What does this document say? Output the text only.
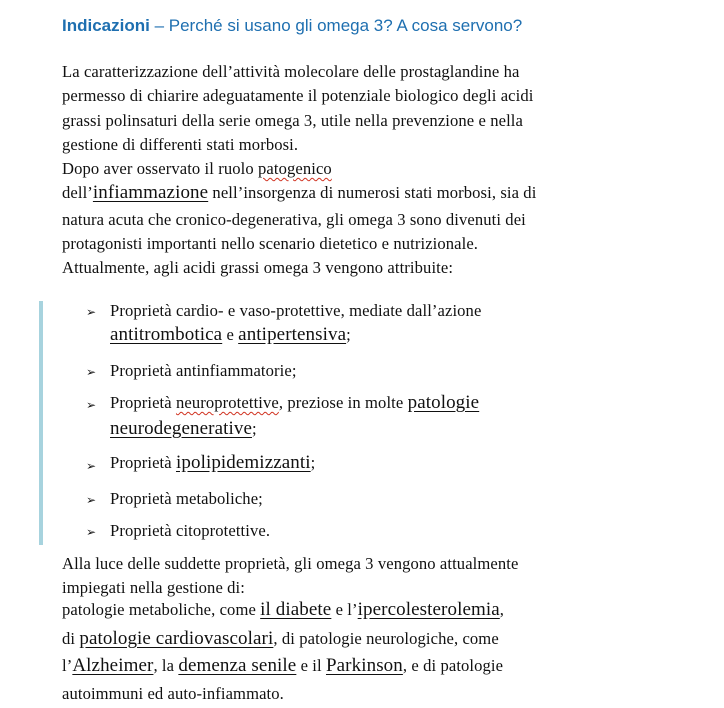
Indicazioni – Perché si usano gli omega 3? A cosa servono?
La caratterizzazione dell’attività molecolare delle prostaglandine ha
permesso di chiarire adeguatamente il potenziale biologico degli acidi
grassi polinsaturi della serie omega 3, utile nella prevenzione e nella
gestione di differenti stati morbosi.
Dopo aver osservato il ruolo patogenico
dell’infiammazione nell’insorgenza di numerosi stati morbosi, sia di
natura acuta che cronico-degenerativa, gli omega 3 sono divenuti dei
protagonisti importanti nello scenario dietetico e nutrizionale.
Attualmente, agli acidi grassi omega 3 vengono attribuite:
➢ Proprietà cardio- e vaso-protettive, mediate dall’azione
antitrombotica e antipertensiva;
➢ Proprietà antinfiammatorie;
➢ Proprietà neuroprotettive, preziose in molte patologie
neurodegenerative;
➢ Proprietà ipolipidemizzanti;
➢ Proprietà metaboliche;
➢ Proprietà citoprotettive.
Alla luce delle suddette proprietà, gli omega 3 vengono attualmente
impiegati nella gestione di:
patologie metaboliche, come il diabete e l’ipercolesterolemia,
di patologie cardiovascolari, di patologie neurologiche, come
l’Alzheimer, la demenza senile e il Parkinson, e di patologie
autoimmuni ed auto-infiammato.
